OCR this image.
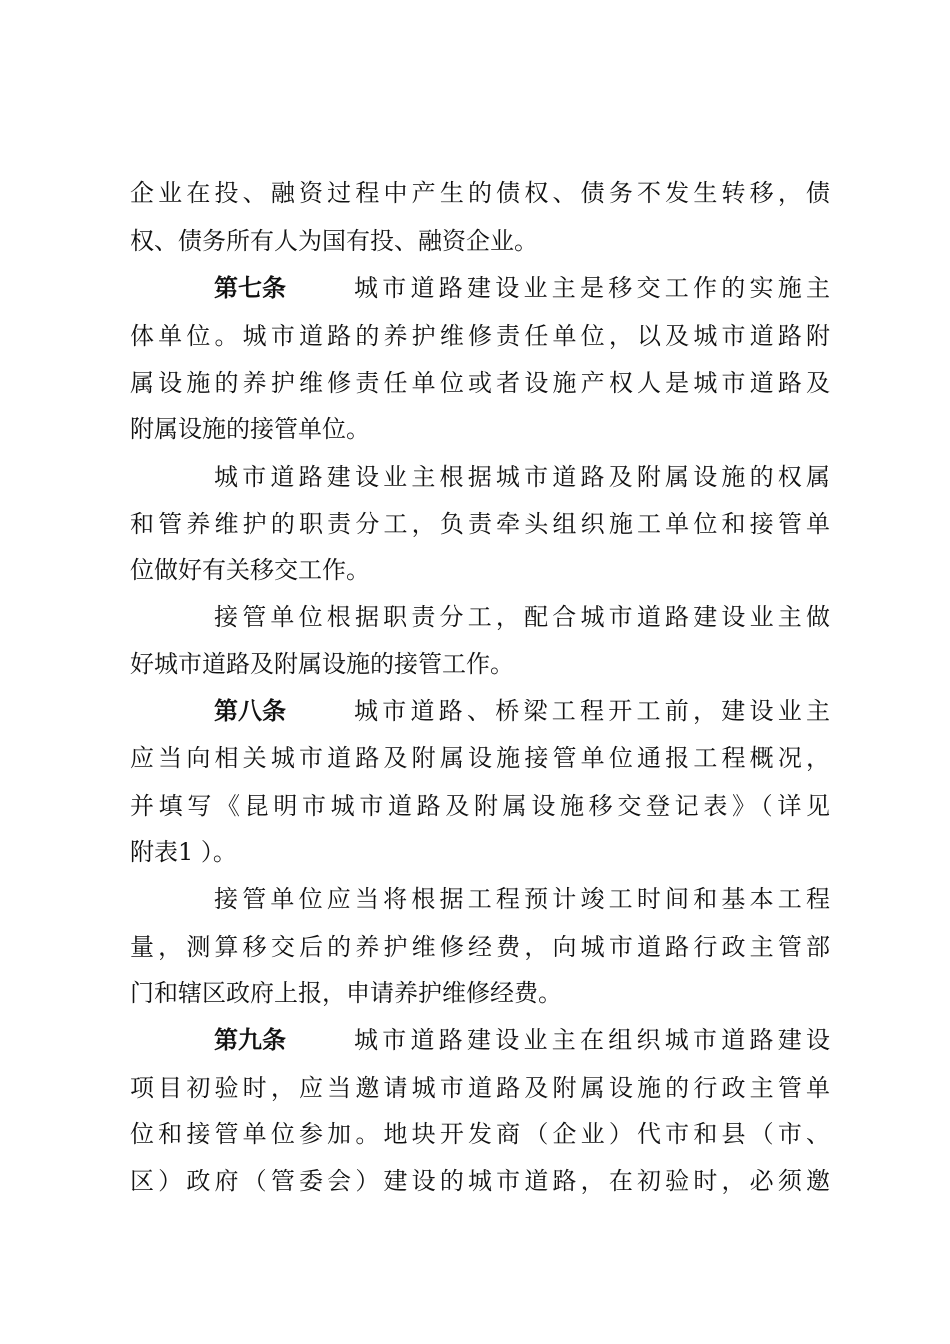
企业在投、融资过程中产生的债权、债务不发生转移，债
权、债务所有人为国有投、融资企业。
第七条	城市道路建设业主是移交工作的实施主
体单位。城市道路的养护维修责任单位，以及城市道路附
属设施的养护维修责任单位或者设施产权人是城市道路及
附属设施的接管单位。
城市道路建设业主根据城市道路及附属设施的权属
和管养维护的职责分工，负责牵头组织施工单位和接管单
位做好有关移交工作。
接管单位根据职责分工，配合城市道路建设业主做
好城市道路及附属设施的接管工作。
第八条	城市道路、桥梁工程开工前，建设业主
应当向相关城市道路及附属设施接管单位通报工程概况，
并填写《昆明市城市道路及附属设施移交登记表》（详见
附表1 ）。
接管单位应当将根据工程预计竣工时间和基本工程
量，测算移交后的养护维修经费，向城市道路行政主管部
门和辖区政府上报，申请养护维修经费。
第九条	城市道路建设业主在组织城市道路建设
项目初验时，应当邀请城市道路及附属设施的行政主管单
位和接管单位参加。地块开发商（企业）代市和县（市、
区）政府（管委会）建设的城市道路，在初验时，必须邀
